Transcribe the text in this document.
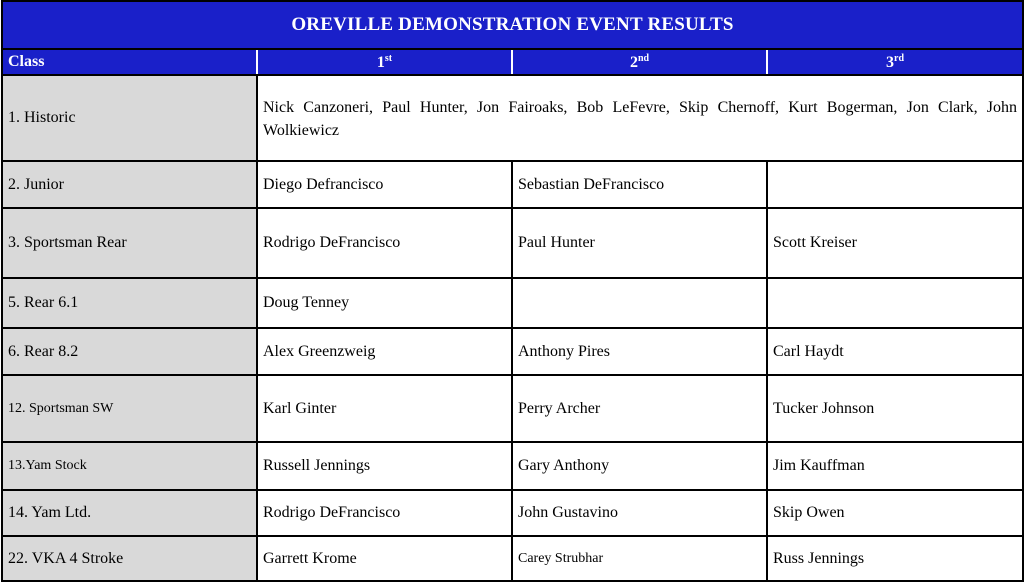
OREVILLE DEMONSTRATION EVENT RESULTS			
Class	1st	2nd	3rd
1. Historic	Nick Canzoneri, Paul Hunter, Jon Fairoaks, Bob LeFevre, Skip Chernoff, Kurt Bogerman, Jon Clark, John Wolkiewicz		
2. Junior	Diego Defrancisco	Sebastian DeFrancisco	
3. Sportsman Rear	Rodrigo DeFrancisco	Paul Hunter	Scott Kreiser
5. Rear 6.1	Doug Tenney		
6. Rear 8.2	Alex Greenzweig	Anthony Pires	Carl Haydt
12. Sportsman SW	Karl Ginter	Perry Archer	Tucker Johnson
13.Yam Stock	Russell Jennings	Gary Anthony	Jim Kauffman
14. Yam Ltd.	Rodrigo DeFrancisco	John Gustavino	Skip Owen
22. VKA 4 Stroke	Garrett Krome	Carey Strubhar	Russ Jennings
